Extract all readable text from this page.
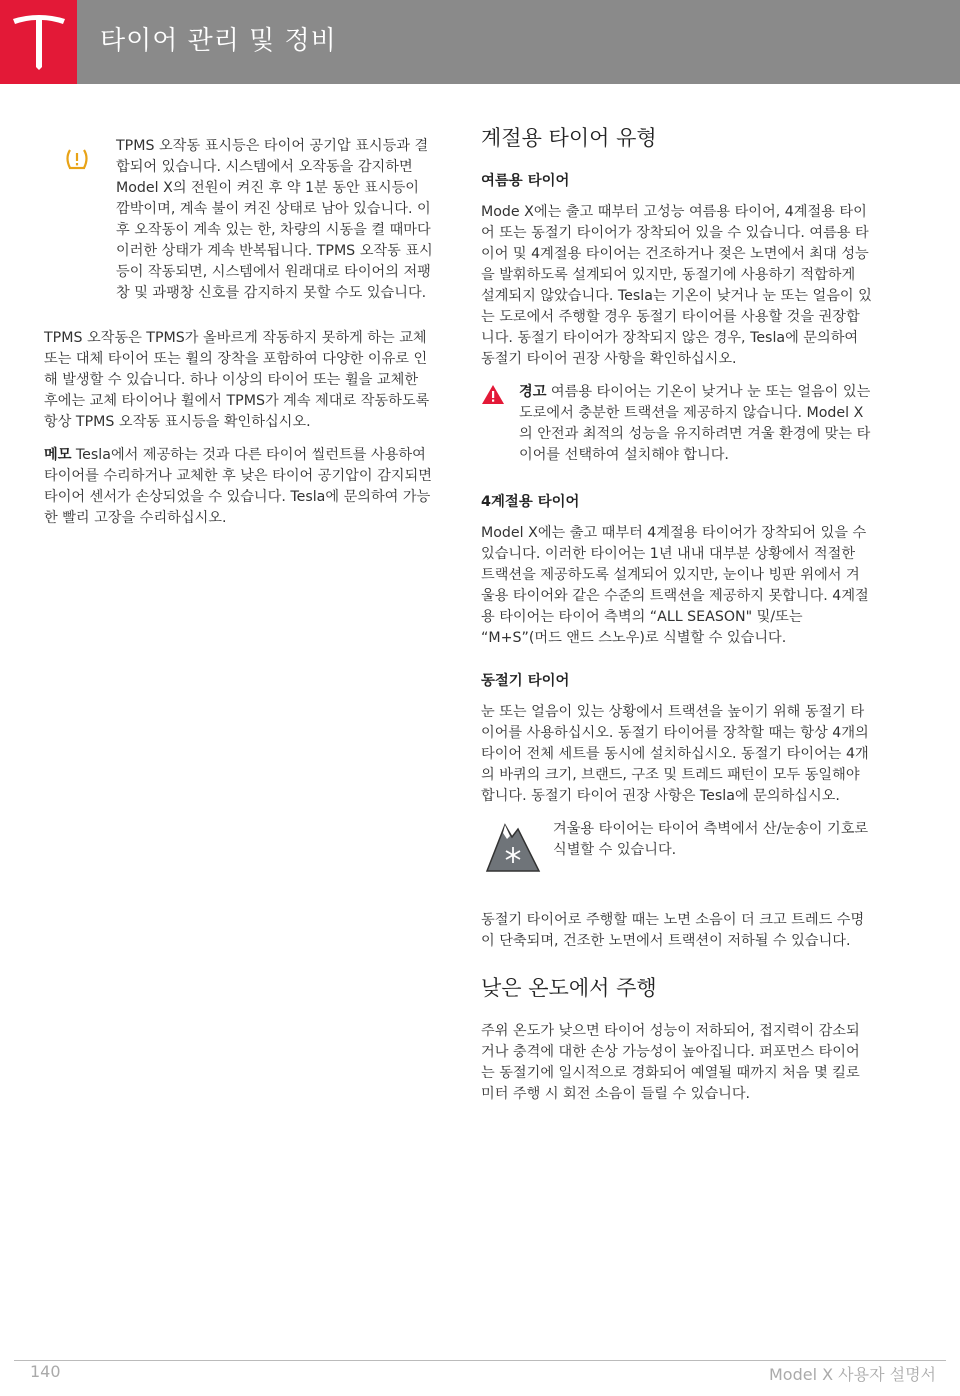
타이어 관리 및 정비
TPMS 오작동 표시등은 타이어 공기압 표시등과 결합되어 있습니다. 시스템에서 오작동을 감지하면 Model X의 전원이 켜진 후 약 1분 동안 표시등이 깜박이며, 계속 불이 켜진 상태로 남아 있습니다. 이후 오작동이 계속 있는 한, 차량의 시동을 켤 때마다 이러한 상태가 계속 반복됩니다. TPMS 오작동 표시등이 작동되면, 시스템에서 원래대로 타이어의 저팽창 및 과팽창 신호를 감지하지 못할 수도 있습니다.

TPMS 오작동은 TPMS가 올바르게 작동하지 못하게 하는 교체 또는 대체 타이어 또는 휠의 장착을 포함하여 다양한 이유로 인해 발생할 수 있습니다. 하나 이상의 타이어 또는 휠을 교체한 후에는 교체 타이어나 휠에서 TPMS가 계속 제대로 작동하도록 항상 TPMS 오작동 표시등을 확인하십시오.

메모 Tesla에서 제공하는 것과 다른 타이어 씰런트를 사용하여 타이어를 수리하거나 교체한 후 낮은 타이어 공기압이 감지되면 타이어 센서가 손상되었을 수 있습니다. Tesla에 문의하여 가능한 빨리 고장을 수리하십시오.

계절용 타이어 유형
여름용 타이어

Mode X에는 출고 때부터 고성능 여름용 타이어, 4계절용 타이어 또는 동절기 타이어가 장착되어 있을 수 있습니다. 여름용 타이어 및 4계절용 타이어는 건조하거나 젖은 노면에서 최대 성능을 발휘하도록 설계되어 있지만, 동절기에 사용하기 적합하게 설계되지 않았습니다. Tesla는 기온이 낮거나 눈 또는 얼음이 있는 도로에서 주행할 경우 동절기 타이어를 사용할 것을 권장합니다. 동절기 타이어가 장착되지 않은 경우, Tesla에 문의하여 동절기 타이어 권장 사항을 확인하십시오.

경고 여름용 타이어는 기온이 낮거나 눈 또는 얼음이 있는 도로에서 충분한 트랙션을 제공하지 않습니다. Model X의 안전과 최적의 성능을 유지하려면 겨울 환경에 맞는 타이어를 선택하여 설치해야 합니다.
4계절용 타이어

Model X에는 출고 때부터 4계절용 타이어가 장착되어 있을 수 있습니다. 이러한 타이어는 1년 내내 대부분 상황에서 적절한 트랙션을 제공하도록 설계되어 있지만, 눈이나 빙판 위에서 겨울용 타이어와 같은 수준의 트랙션을 제공하지 못합니다. 4계절용 타이어는 타이어 측벽의 “ALL SEASON" 및/또는 “M+S”(머드 앤드 스노우)로 식별할 수 있습니다.

동절기 타이어

눈 또는 얼음이 있는 상황에서 트랙션을 높이기 위해 동절기 타이어를 사용하십시오. 동절기 타이어를 장착할 때는 항상 4개의 타이어 전체 세트를 동시에 설치하십시오. 동절기 타이어는 4개의 바퀴의 크기, 브랜드, 구조 및 트레드 패턴이 모두 동일해야 합니다. 동절기 타이어 권장 사항은 Tesla에 문의하십시오.

겨울용 타이어는 타이어 측벽에서 산/눈송이 기호로 식별할 수 있습니다.

동절기 타이어로 주행할 때는 노면 소음이 더 크고 트레드 수명이 단축되며, 건조한 노면에서 트랙션이 저하될 수 있습니다.

낮은 온도에서 주행

주위 온도가 낮으면 타이어 성능이 저하되어, 접지력이 감소되거나 충격에 대한 손상 가능성이 높아집니다. 퍼포먼스 타이어는 동절기에 일시적으로 경화되어 예열될 때까지 처음 몇 킬로미터 주행 시 회전 소음이 들릴 수 있습니다.

140	Model X 사용자 설명서
